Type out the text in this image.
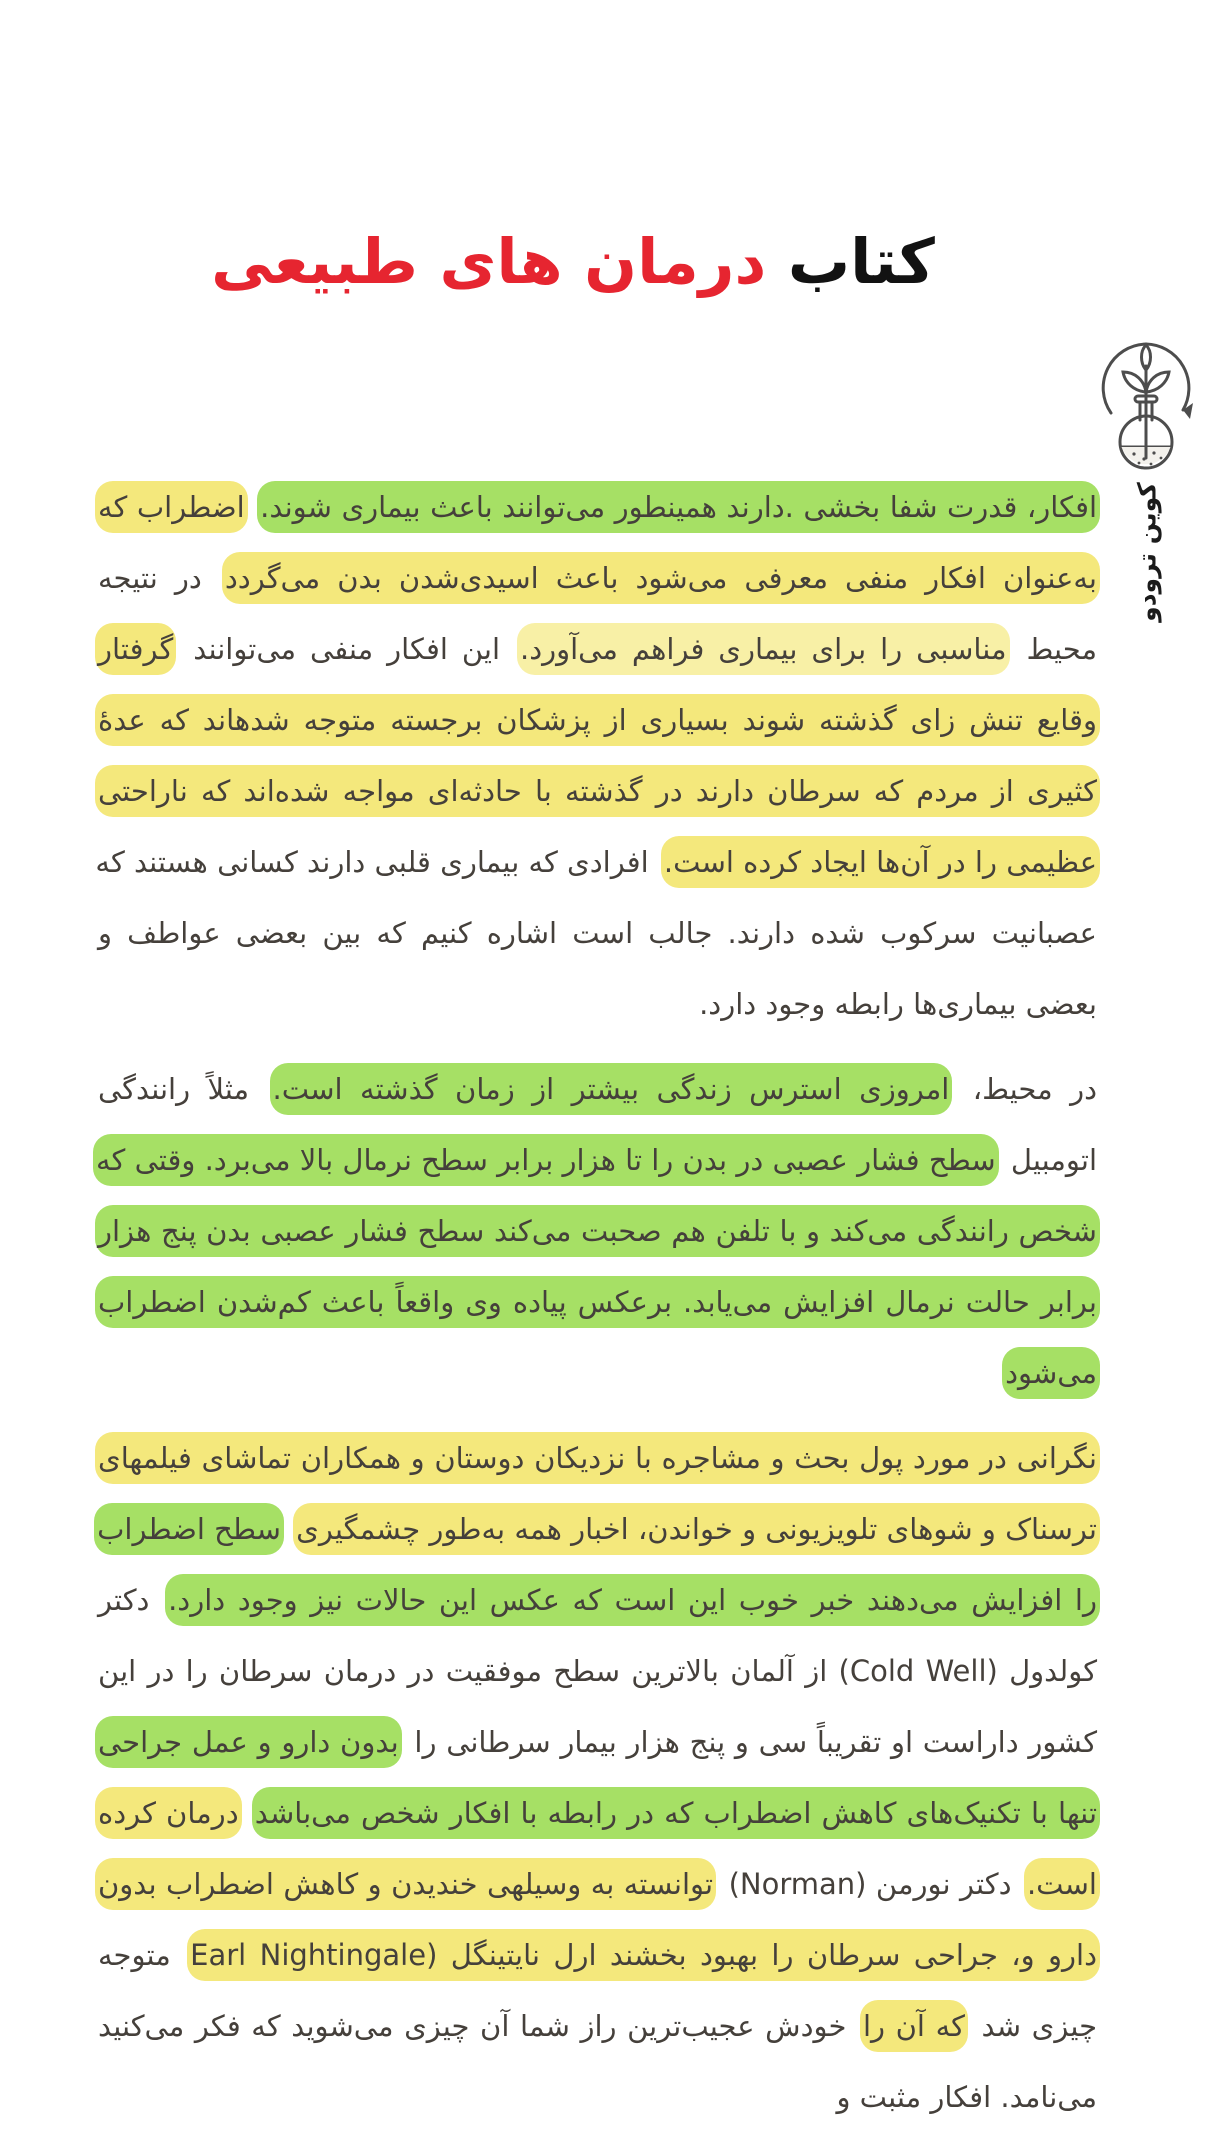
کتاب درمان های طبیعی
کوین ترودو

افکار، قدرت شفا بخشی .دارند همینطور می‌توانند باعث بیماری شوند. اضطراب که به‌عنوان افکار منفی معرفی می‌شود باعث اسیدی‌شدن بدن می‌گردد در نتیجه محیط مناسبی را برای بیماری فراهم می‌آورد. این افکار منفی می‌توانند گرفتار وقایع تنش زای گذشته شوند بسیاری از پزشکان برجسته متوجه شدهاند که عدهٔ کثیری از مردم که سرطان دارند در گذشته با حادثه‌ای مواجه شده‌اند که ناراحتی عظیمی را در آن‌ها ایجاد کرده است. افرادی که بیماری قلبی دارند کسانی هستند که عصبانیت سرکوب شده دارند. جالب است اشاره کنیم که بین بعضی عواطف و بعضی بیماری‌ها رابطه وجود دارد.

در محیط، امروزی استرس زندگی بیشتر از زمان گذشته است. مثلاً رانندگی اتومبیل سطح فشار عصبی در بدن را تا هزار برابر سطح نرمال بالا می‌برد. وقتی که شخص رانندگی می‌کند و با تلفن هم صحبت می‌کند سطح فشار عصبی بدن پنج هزار برابر حالت نرمال افزایش می‌یابد. برعکس پیاده وی واقعاً باعث کم‌شدن اضطراب می‌شود

نگرانی در مورد پول بحث و مشاجره با نزدیکان دوستان و همکاران تماشای فیلمهای ترسناک و شوهای تلویزیونی و خواندن، اخبار همه به‌طور چشمگیری سطح اضطراب را افزایش می‌دهند خبر خوب این است که عکس این حالات نیز وجود دارد. دکتر کولدول (Cold Well) از آلمان بالاترین سطح موفقیت در درمان سرطان را در این کشور داراست او تقریباً سی و پنج هزار بیمار سرطانی را بدون دارو و عمل جراحی تنها با تکنیک‌های کاهش اضطراب که در رابطه با افکار شخص می‌باشد درمان کرده است. دکتر نورمن (Norman) توانسته به وسیلهی خندیدن و کاهش اضطراب بدون دارو و، جراحی سرطان را بهبود بخشند ارل نایتینگل (Earl Nightingale متوجه چیزی شد که آن را خودش عجیب‌ترین راز شما آن چیزی می‌شوید که فکر می‌کنید می‌نامد. افکار مثبت و
